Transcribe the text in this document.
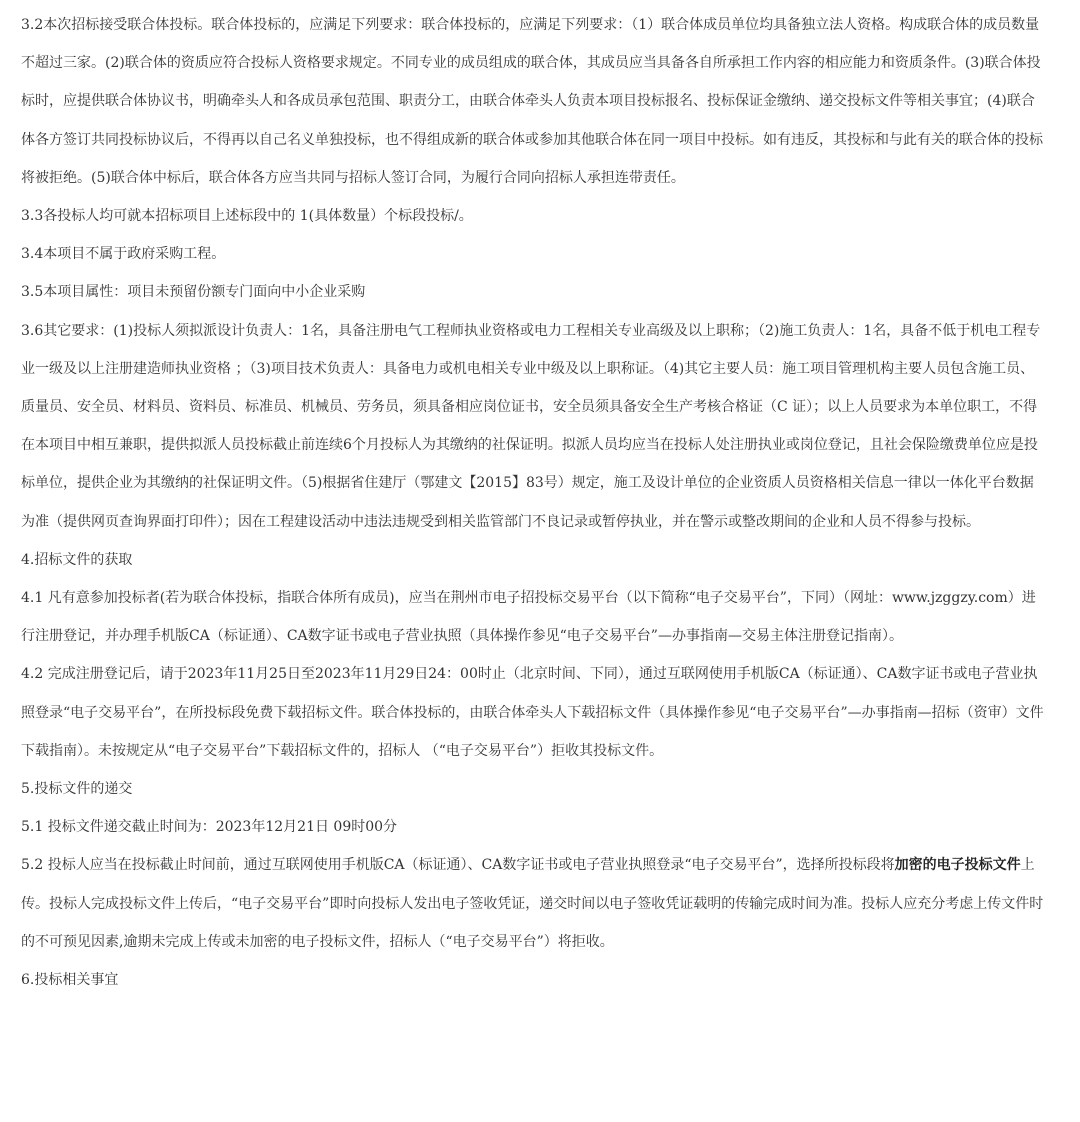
3.2本次招标接受联合体投标。联合体投标的，应满足下列要求：联合体投标的，应满足下列要求：（1）联合体成员单位均具备独立法人资格。构成联合体的成员数量不超过三家。(2)联合体的资质应符合投标人资格要求规定。不同专业的成员组成的联合体，其成员应当具备各自所承担工作内容的相应能力和资质条件。(3)联合体投标时，应提供联合体协议书，明确牵头人和各成员承包范围、职责分工，由联合体牵头人负责本项目投标报名、投标保证金缴纳、递交投标文件等相关事宜；(4)联合体各方签订共同投标协议后，不得再以自己名义单独投标，也不得组成新的联合体或参加其他联合体在同一项目中投标。如有违反，其投标和与此有关的联合体的投标将被拒绝。(5)联合体中标后，联合体各方应当共同与招标人签订合同，为履行合同向招标人承担连带责任。

3.3各投标人均可就本招标项目上述标段中的 1(具体数量）个标段投标/。

3.4本项目不属于政府采购工程。

3.5本项目属性：项目未预留份额专门面向中小企业采购

3.6其它要求：(1)投标人须拟派设计负责人：1名，具备注册电气工程师执业资格或电力工程相关专业高级及以上职称；（2)施工负责人：1名，具备不低于机电工程专业一级及以上注册建造师执业资格 ；（3)项目技术负责人：具备电力或机电相关专业中级及以上职称证。（4)其它主要人员：施工项目管理机构主要人员包含施工员、质量员、安全员、材料员、资料员、标准员、机械员、劳务员，须具备相应岗位证书，安全员须具备安全生产考核合格证（C 证）；以上人员要求为本单位职工，不得在本项目中相互兼职，提供拟派人员投标截止前连续6个月投标人为其缴纳的社保证明。拟派人员均应当在投标人处注册执业或岗位登记，且社会保险缴费单位应是投标单位，提供企业为其缴纳的社保证明文件。（5)根据省住建厅（鄂建文【2015】83号）规定，施工及设计单位的企业资质人员资格相关信息一律以一体化平台数据为准（提供网页查询界面打印件）；因在工程建设活动中违法违规受到相关监管部门不良记录或暂停执业，并在警示或整改期间的企业和人员不得参与投标。

4.招标文件的获取

4.1 凡有意参加投标者(若为联合体投标，指联合体所有成员)，应当在荆州市电子招投标交易平台（以下简称“电子交易平台”，下同）（网址：www.jzggzy.com）进行注册登记，并办理手机版CA（标证通）、CA数字证书或电子营业执照（具体操作参见“电子交易平台”—办事指南—交易主体注册登记指南）。

4.2 完成注册登记后，请于2023年11月25日至2023年11月29日24：00时止（北京时间、下同），通过互联网使用手机版CA（标证通）、CA数字证书或电子营业执照登录“电子交易平台”，在所投标段免费下载招标文件。联合体投标的，由联合体牵头人下载招标文件（具体操作参见“电子交易平台”—办事指南—招标（资审）文件下载指南）。未按规定从“电子交易平台”下载招标文件的，招标人 （“电子交易平台”）拒收其投标文件。

5.投标文件的递交

5.1 投标文件递交截止时间为：2023年12月21日 09时00分

5.2 投标人应当在投标截止时间前，通过互联网使用手机版CA（标证通）、CA数字证书或电子营业执照登录“电子交易平台”，选择所投标段将加密的电子投标文件上传。投标人完成投标文件上传后，“电子交易平台”即时向投标人发出电子签收凭证，递交时间以电子签收凭证载明的传输完成时间为准。投标人应充分考虑上传文件时的不可预见因素,逾期未完成上传或未加密的电子投标文件，招标人（“电子交易平台”）将拒收。

6.投标相关事宜
